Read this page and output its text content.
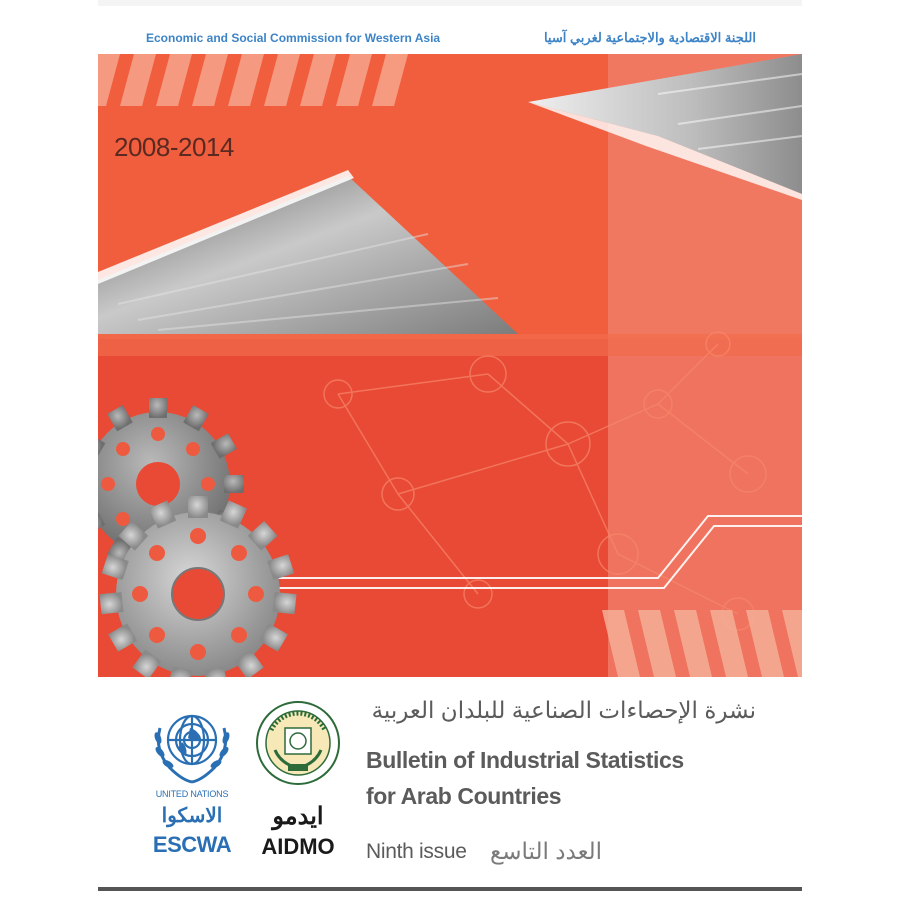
Economic and Social Commission for Western Asia	اللجنة الاقتصادية والاجتماعية لغربي آسيا
2008-2014
UNITED NATIONS
الاسكوا
ESCWA
ايدمو
AIDMO
نشرة الإحصاءات الصناعية للبلدان العربية
Bulletin of Industrial Statistics
for Arab Countries
Ninth issue العدد التاسع
